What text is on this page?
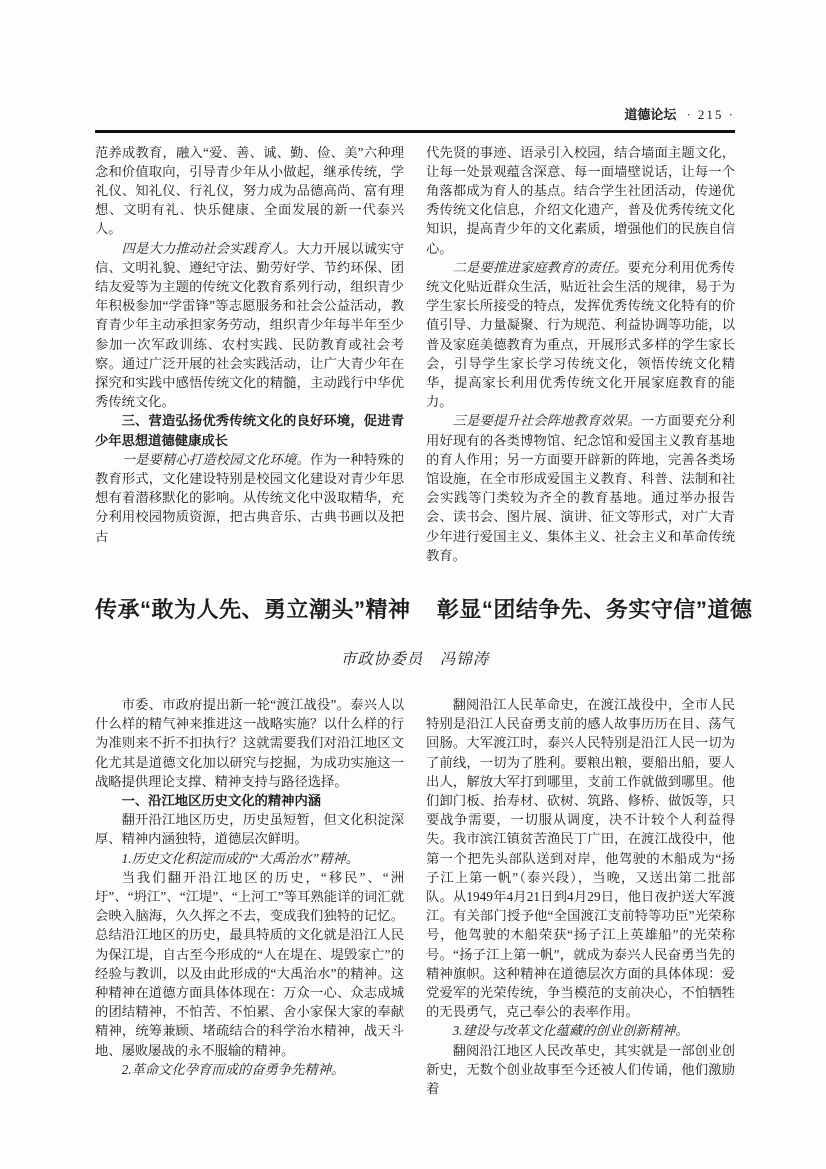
道德论坛 · 215 ·

范养成教育，融入“爱、善、诚、勤、俭、美”六种理念和价值取向，引导青少年从小做起，继承传统，学礼仪、知礼仪、行礼仪，努力成为品德高尚、富有理想、文明有礼、快乐健康、全面发展的新一代泰兴人。

四是大力推动社会实践育人。大力开展以诚实守信、文明礼貌、遵纪守法、勤劳好学、节约环保、团结友爱等为主题的传统文化教育系列行动，组织青少年积极参加“学雷锋”等志愿服务和社会公益活动，教育青少年主动承担家务劳动，组织青少年每半年至少参加一次军政训练、农村实践、民防教育或社会考察。通过广泛开展的社会实践活动，让广大青少年在探究和实践中感悟传统文化的精髓，主动践行中华优秀传统文化。

三、营造弘扬优秀传统文化的良好环境，促进青少年思想道德健康成长

一是要精心打造校园文化环境。作为一种特殊的教育形式，文化建设特别是校园文化建设对青少年思想有着潜移默化的影响。从传统文化中汲取精华，充分利用校园物质资源，把古典音乐、古典书画以及把古

代先贤的事迹、语录引入校园，结合墙面主题文化，让每一处景观蕴含深意、每一面墙壁说话，让每一个角落都成为育人的基点。结合学生社团活动，传递优秀传统文化信息，介绍文化遗产，普及优秀传统文化知识，提高青少年的文化素质，增强他们的民族自信心。

二是要推进家庭教育的责任。要充分利用优秀传统文化贴近群众生活，贴近社会生活的规律，易于为学生家长所接受的特点，发挥优秀传统文化特有的价值引导、力量凝聚、行为规范、利益协调等功能，以普及家庭美德教育为重点，开展形式多样的学生家长会，引导学生家长学习传统文化，领悟传统文化精华，提高家长利用优秀传统文化开展家庭教育的能力。

三是要提升社会阵地教育效果。一方面要充分利用好现有的各类博物馆、纪念馆和爱国主义教育基地的育人作用；另一方面要开辟新的阵地，完善各类场馆设施，在全市形成爱国主义教育、科普、法制和社会实践等门类较为齐全的教育基地。通过举办报告会、读书会、图片展、演讲、征文等形式，对广大青少年进行爱国主义、集体主义、社会主义和革命传统教育。

传承“敢为人先、勇立潮头”精神 彰显“团结争先、务实守信”道德
市政协委员　冯锦涛

市委、市政府提出新一轮“渡江战役”。泰兴人以什么样的精气神来推进这一战略实施？以什么样的行为准则来不折不扣执行？这就需要我们对沿江地区文化尤其是道德文化加以研究与挖掘，为成功实施这一战略提供理论支撑、精神支持与路径选择。

一、沿江地区历史文化的精神内涵

翻开沿江地区历史，历史虽短暂，但文化积淀深厚、精神内涵独特，道德层次鲜明。

1.历史文化积淀而成的“大禹治水”精神。

当我们翻开沿江地区的历史，“移民”、“洲圩”、“坍江”、“江堤”、“上河工”等耳熟能详的词汇就会映入脑海，久久挥之不去，变成我们独特的记忆。总结沿江地区的历史，最具特质的文化就是沿江人民为保江堤，自古至今形成的“人在堤在、堤毁家亡”的经验与教训，以及由此形成的“大禹治水”的精神。这种精神在道德方面具体体现在：万众一心、众志成城的团结精神，不怕苦、不怕累、舍小家保大家的奉献精神，统筹兼顾、堵疏结合的科学治水精神，战天斗地、屡败屡战的永不服输的精神。

2.革命文化孕育而成的奋勇争先精神。

翻阅沿江人民革命史，在渡江战役中，全市人民特别是沿江人民奋勇支前的感人故事历历在目、荡气回肠。大军渡江时，泰兴人民特别是沿江人民一切为了前线，一切为了胜利。要粮出粮，要船出船，要人出人，解放大军打到哪里，支前工作就做到哪里。他们卸门板、抬寿材、砍树、筑路、修桥、做饭等，只要战争需要，一切服从调度，决不计较个人利益得失。我市滨江镇贫苦渔民丁广田，在渡江战役中，他第一个把先头部队送到对岸，他驾驶的木船成为“扬子江上第一帆”（泰兴段），当晚，又送出第二批部队。从1949年4月21日到4月29日，他日夜护送大军渡江。有关部门授予他“全国渡江支前特等功臣”光荣称号，他驾驶的木船荣获“扬子江上英雄船”的光荣称号。“扬子江上第一帆”，就成为泰兴人民奋勇当先的精神旗帜。这种精神在道德层次方面的具体体现：爱党爱军的光荣传统，争当模范的支前决心，不怕牺牲的无畏勇气，克己奉公的表率作用。

3.建设与改革文化蕴藏的创业创新精神。

翻阅沿江地区人民改革史，其实就是一部创业创新史，无数个创业故事至今还被人们传诵，他们激励着
